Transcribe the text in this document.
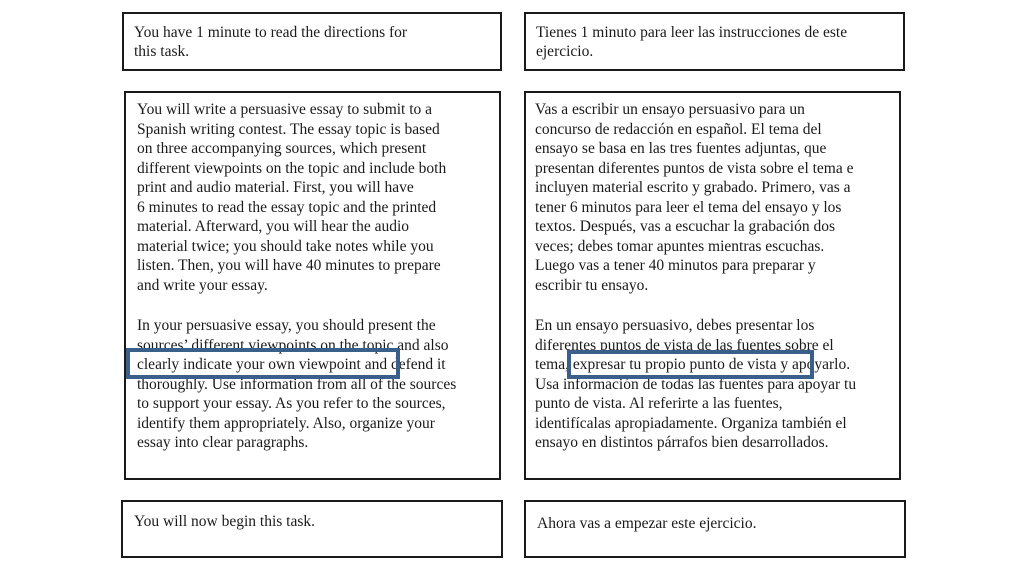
You have 1 minute to read the directions for
this task.
Tienes 1 minuto para leer las instrucciones de este
ejercicio.
You will write a persuasive essay to submit to a
Spanish writing contest. The essay topic is based
on three accompanying sources, which present
different viewpoints on the topic and include both
print and audio material. First, you will have
6 minutes to read the essay topic and the printed
material. Afterward, you will hear the audio
material twice; you should take notes while you
listen. Then, you will have 40 minutes to prepare
and write your essay.
In your persuasive essay, you should present the
sources’ different viewpoints on the topic and also
clearly indicate your own viewpoint and defend it
thoroughly. Use information from all of the sources
to support your essay. As you refer to the sources,
identify them appropriately. Also, organize your
essay into clear paragraphs.
Vas a escribir un ensayo persuasivo para un
concurso de redacción en español. El tema del
ensayo se basa en las tres fuentes adjuntas, que
presentan diferentes puntos de vista sobre el tema e
incluyen material escrito y grabado. Primero, vas a
tener 6 minutos para leer el tema del ensayo y los
textos. Después, vas a escuchar la grabación dos
veces; debes tomar apuntes mientras escuchas.
Luego vas a tener 40 minutos para preparar y
escribir tu ensayo.
En un ensayo persuasivo, debes presentar los
diferentes puntos de vista de las fuentes sobre el
tema, expresar tu propio punto de vista y apoyarlo.
Usa información de todas las fuentes para apoyar tu
punto de vista. Al referirte a las fuentes,
identifícalas apropiadamente. Organiza también el
ensayo en distintos párrafos bien desarrollados.
You will now begin this task.	Ahora vas a empezar este ejercicio.
